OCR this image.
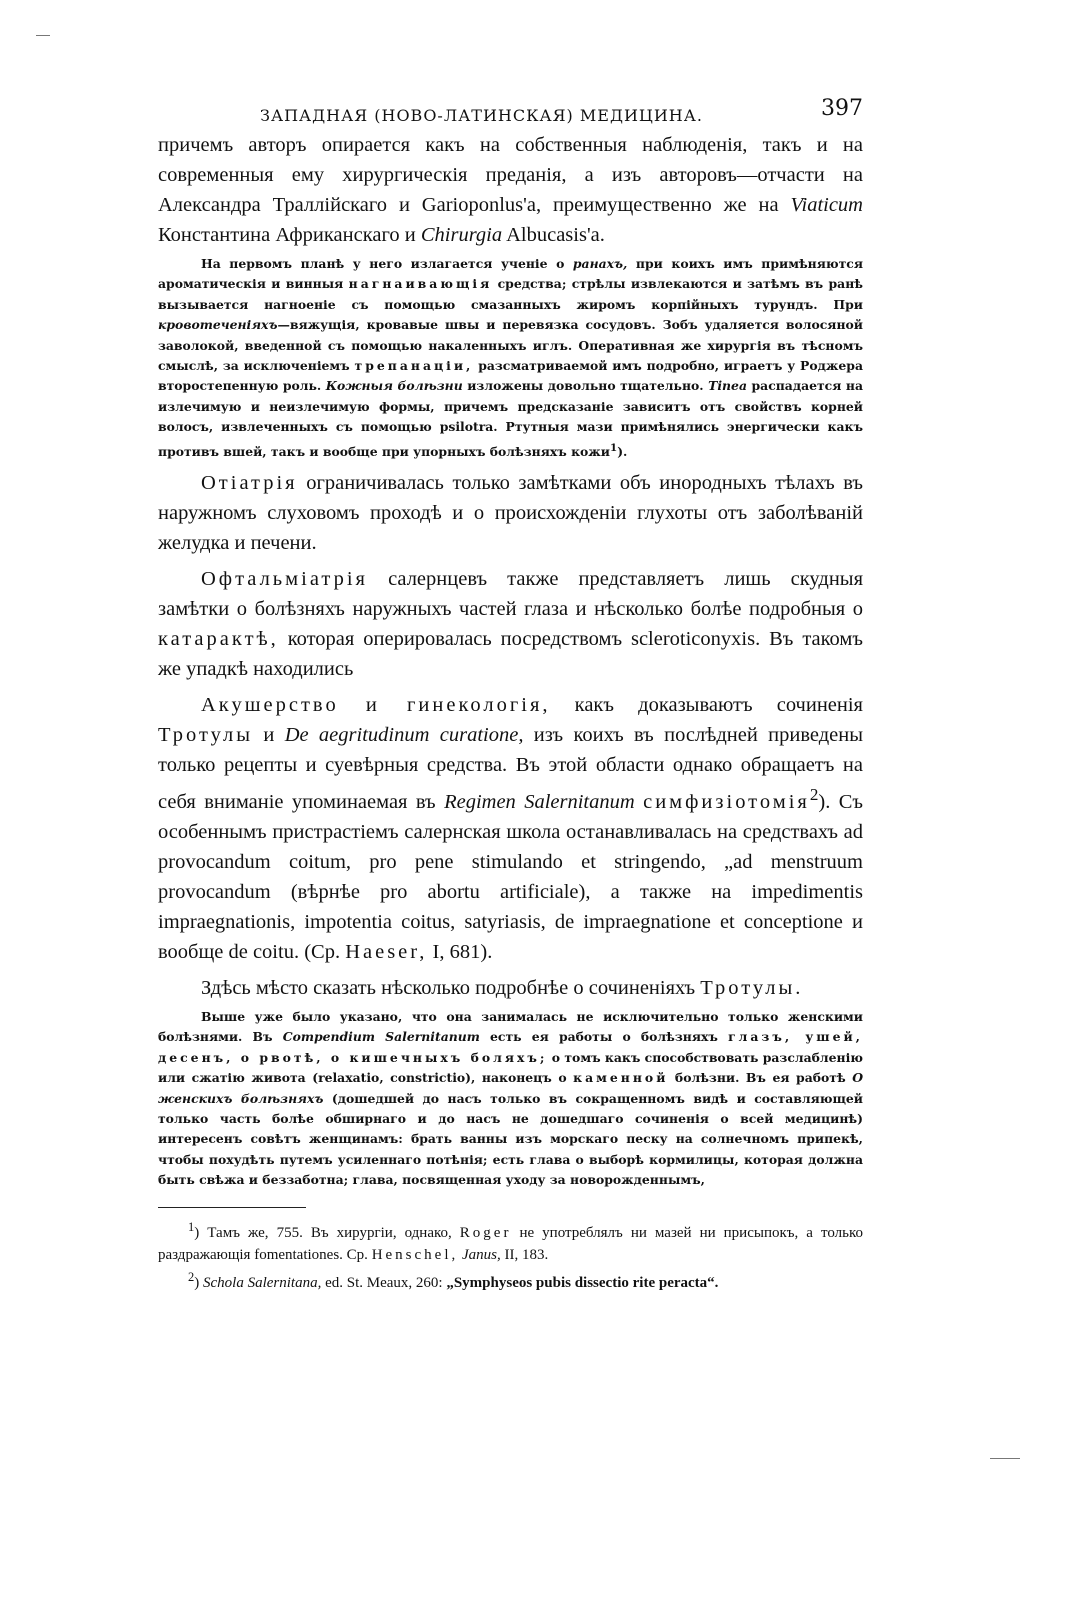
ЗАПАДНАЯ (НОВО-ЛАТИНСКАЯ) МЕДИЦИНА.	397

причемъ авторъ опирается какъ на собственныя наблюденія, такъ и на современныя ему хирургическія преданія, а изъ авторовъ—отчасти на Александра Траллійскаго и Garioponlus'a, преимущественно же на Viaticum Константина Африканскаго и Chirurgia Albucasis'a.

На первомъ планѣ у него излагается ученіе о ранахъ, при коихъ имъ примѣняются ароматическія и винныя нагнаивающія средства; стрѣлы извлекаются и затѣмъ въ ранѣ вызывается нагноеніе съ помощью смазанныхъ жиромъ корпійныхъ турундъ. При кровотеченіяхъ—вяжущія, кровавые швы и перевязка сосудовъ. Зобъ удаляется волосяной заволокой, введенной съ помощью накаленныхъ иглъ. Оперативная же хирургія въ тѣсномъ смыслѣ, за исключеніемъ трепанаціи, разсматриваемой имъ подробно, играетъ у Роджера второстепенную роль. Кожныя болѣзни изложены довольно тщательно. Tinea распадается на излечимую и неизлечимую формы, причемъ предсказаніе зависитъ отъ свойствъ корней волосъ, извлеченныхъ съ помощью psilotra. Ртутныя мази примѣнялись энергически какъ противъ вшей, такъ и вообще при упорныхъ болѣзняхъ кожи$^1$).

Отіатрія ограничивалась только замѣтками объ инородныхъ тѣлахъ въ наружномъ слуховомъ проходѣ и о происхожденіи глухоты отъ заболѣваній желудка и печени.

Офтальміатрія салернцевъ также представляетъ лишь скудныя замѣтки о болѣзняхъ наружныхъ частей глаза и нѣсколько болѣе подробныя о катарактѣ, которая оперировалась посредствомъ scleroticonyxis. Въ такомъ же упадкѣ находились

Акушерство и гинекологія, какъ доказываютъ сочиненія Тротулы и De aegritudinum curatione, изъ коихъ въ послѣдней приведены только рецепты и суевѣрныя средства. Въ этой области однако обращаетъ на себя вниманіе упоминаемая въ Regimen Salernitanum симфизіотомія$^2$). Съ особеннымъ пристрастіемъ салернская школа останавливалась на средствахъ ad provocandum coitum, pro pene stimulando et stringendo, „ad menstruum provocandum (вѣрнѣе pro abortu artificiale), а также на impedimentis impraegnationis, impotentia coitus, satyriasis, de impraegnatione et conceptione и вообще de coitu. (Ср. Haeser, I, 681).

Здѣсь мѣсто сказать нѣсколько подробнѣе о сочиненіяхъ Тротулы.

Выше уже было указано, что она занималась не исключительно только женскими болѣзнями. Въ Compendium Salernitanum есть ея работы о болѣзняхъ глазъ, ушей, десенъ, о рвотѣ, о кишечныхъ боляхъ; о томъ какъ способствовать разслабленію или сжатію живота (relaxatio, constrictio), наконецъ о каменной болѣзни. Въ ея работѣ О женскихъ болѣзняхъ (дошедшей до насъ только въ сокращенномъ видѣ и составляющей только часть болѣе обширнаго и до насъ не дошедшаго сочиненія о всей медицинѣ) интересенъ совѣтъ женщинамъ: брать ванны изъ морскаго песку на солнечномъ припекѣ, чтобы похудѣть путемъ усиленнаго потѣнія; есть глава о выборѣ кормилицы, которая должна быть свѣжа и беззаботна; глава, посвященная уходу за новорожденнымъ,

$^1$) Тамъ же, 755. Въ хирургіи, однако, Roger не употреблялъ ни мазей ни присыпокъ, а только раздражающія fomentationes. Ср. Henschel, Janus, II, 183.

$^2$) Schola Salernitana, ed. St. Meaux, 260: „Symphyseos pubis dissectio rite peracta“.
